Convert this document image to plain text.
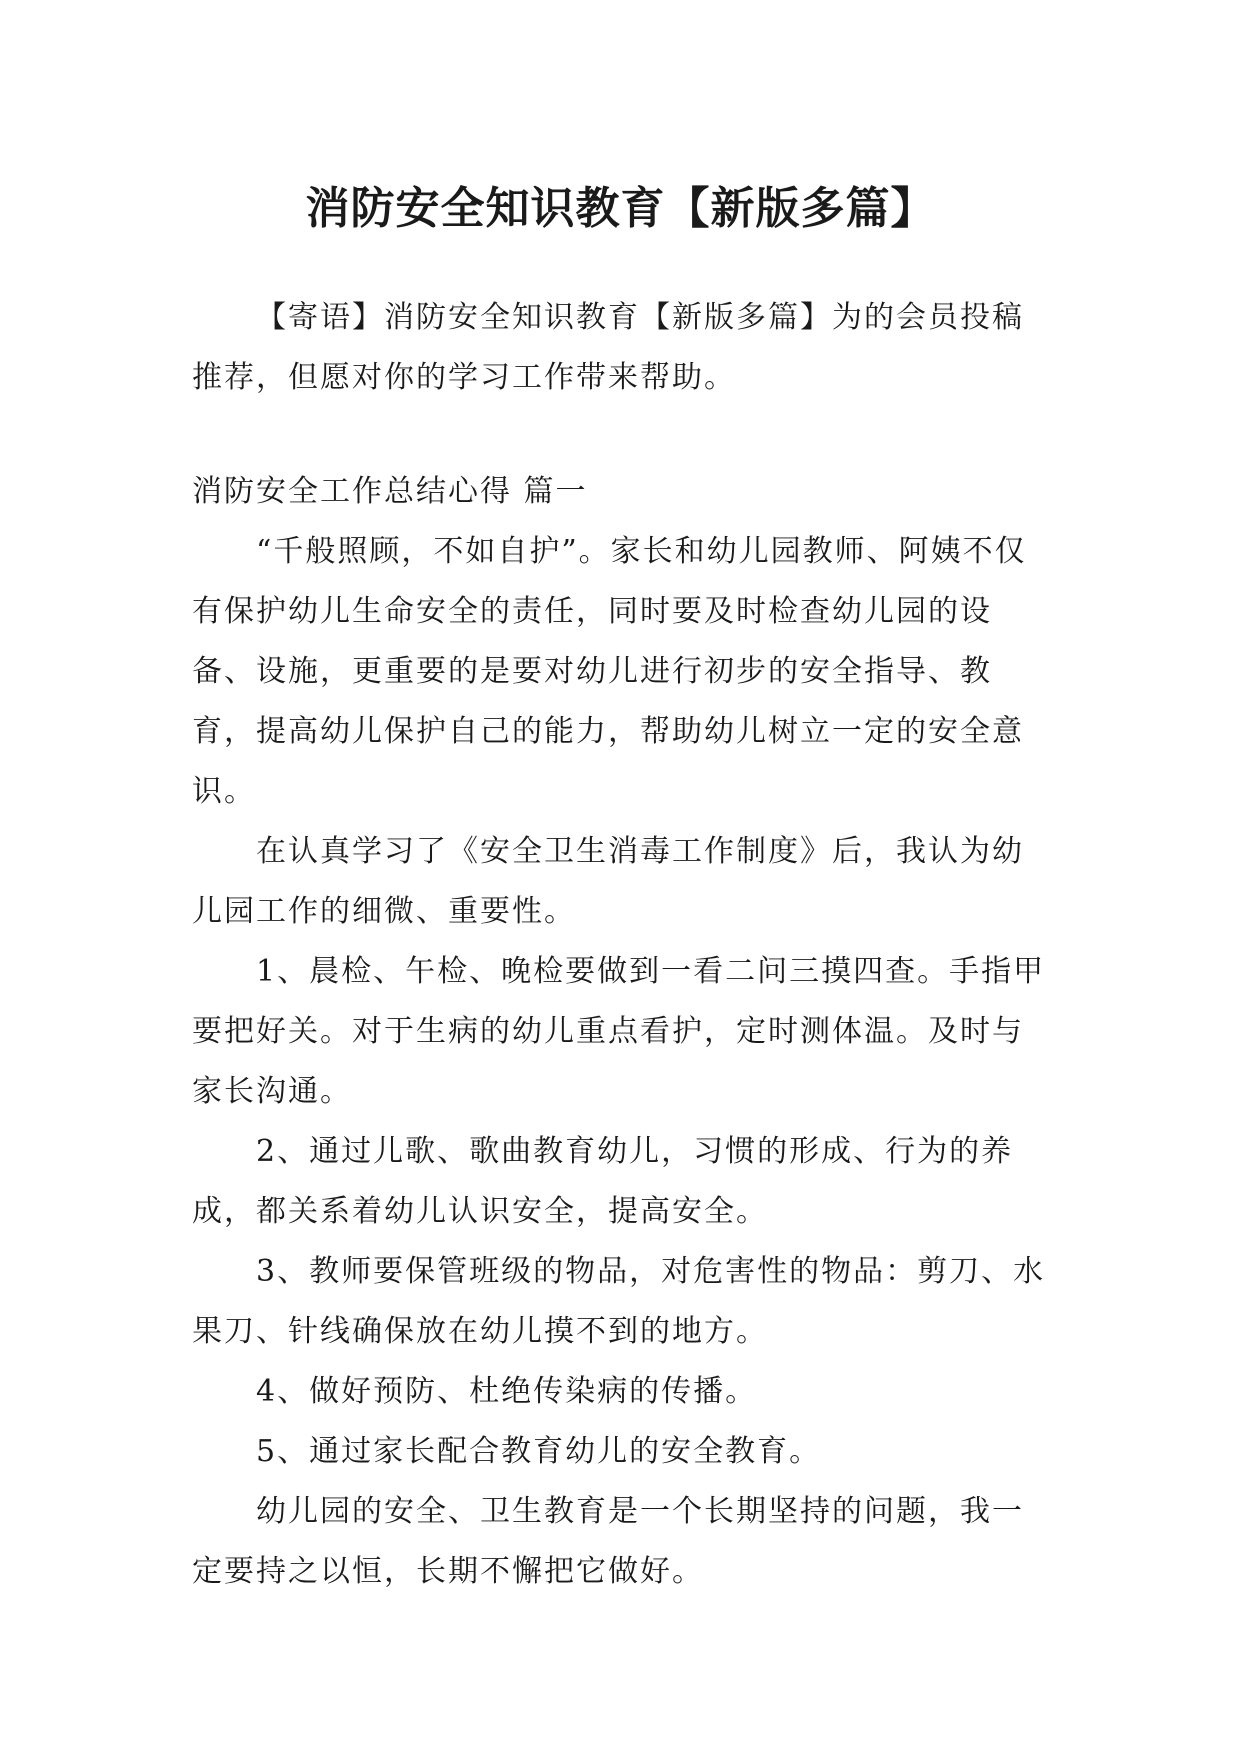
消防安全知识教育【新版多篇】

【寄语】消防安全知识教育【新版多篇】为的会员投稿推荐，但愿对你的学习工作带来帮助。

消防安全工作总结心得 篇一

“千般照顾，不如自护”。家长和幼儿园教师、阿姨不仅有保护幼儿生命安全的责任，同时要及时检查幼儿园的设备、设施，更重要的是要对幼儿进行初步的安全指导、教育，提高幼儿保护自己的能力，帮助幼儿树立一定的安全意识。

在认真学习了《安全卫生消毒工作制度》后，我认为幼儿园工作的细微、重要性。

1、晨检、午检、晚检要做到一看二问三摸四查。手指甲要把好关。对于生病的幼儿重点看护，定时测体温。及时与家长沟通。

2、通过儿歌、歌曲教育幼儿，习惯的形成、行为的养成，都关系着幼儿认识安全，提高安全。

3、教师要保管班级的物品，对危害性的物品：剪刀、水果刀、针线确保放在幼儿摸不到的地方。

4、做好预防、杜绝传染病的传播。

5、通过家长配合教育幼儿的安全教育。

幼儿园的安全、卫生教育是一个长期坚持的问题，我一定要持之以恒，长期不懈把它做好。
